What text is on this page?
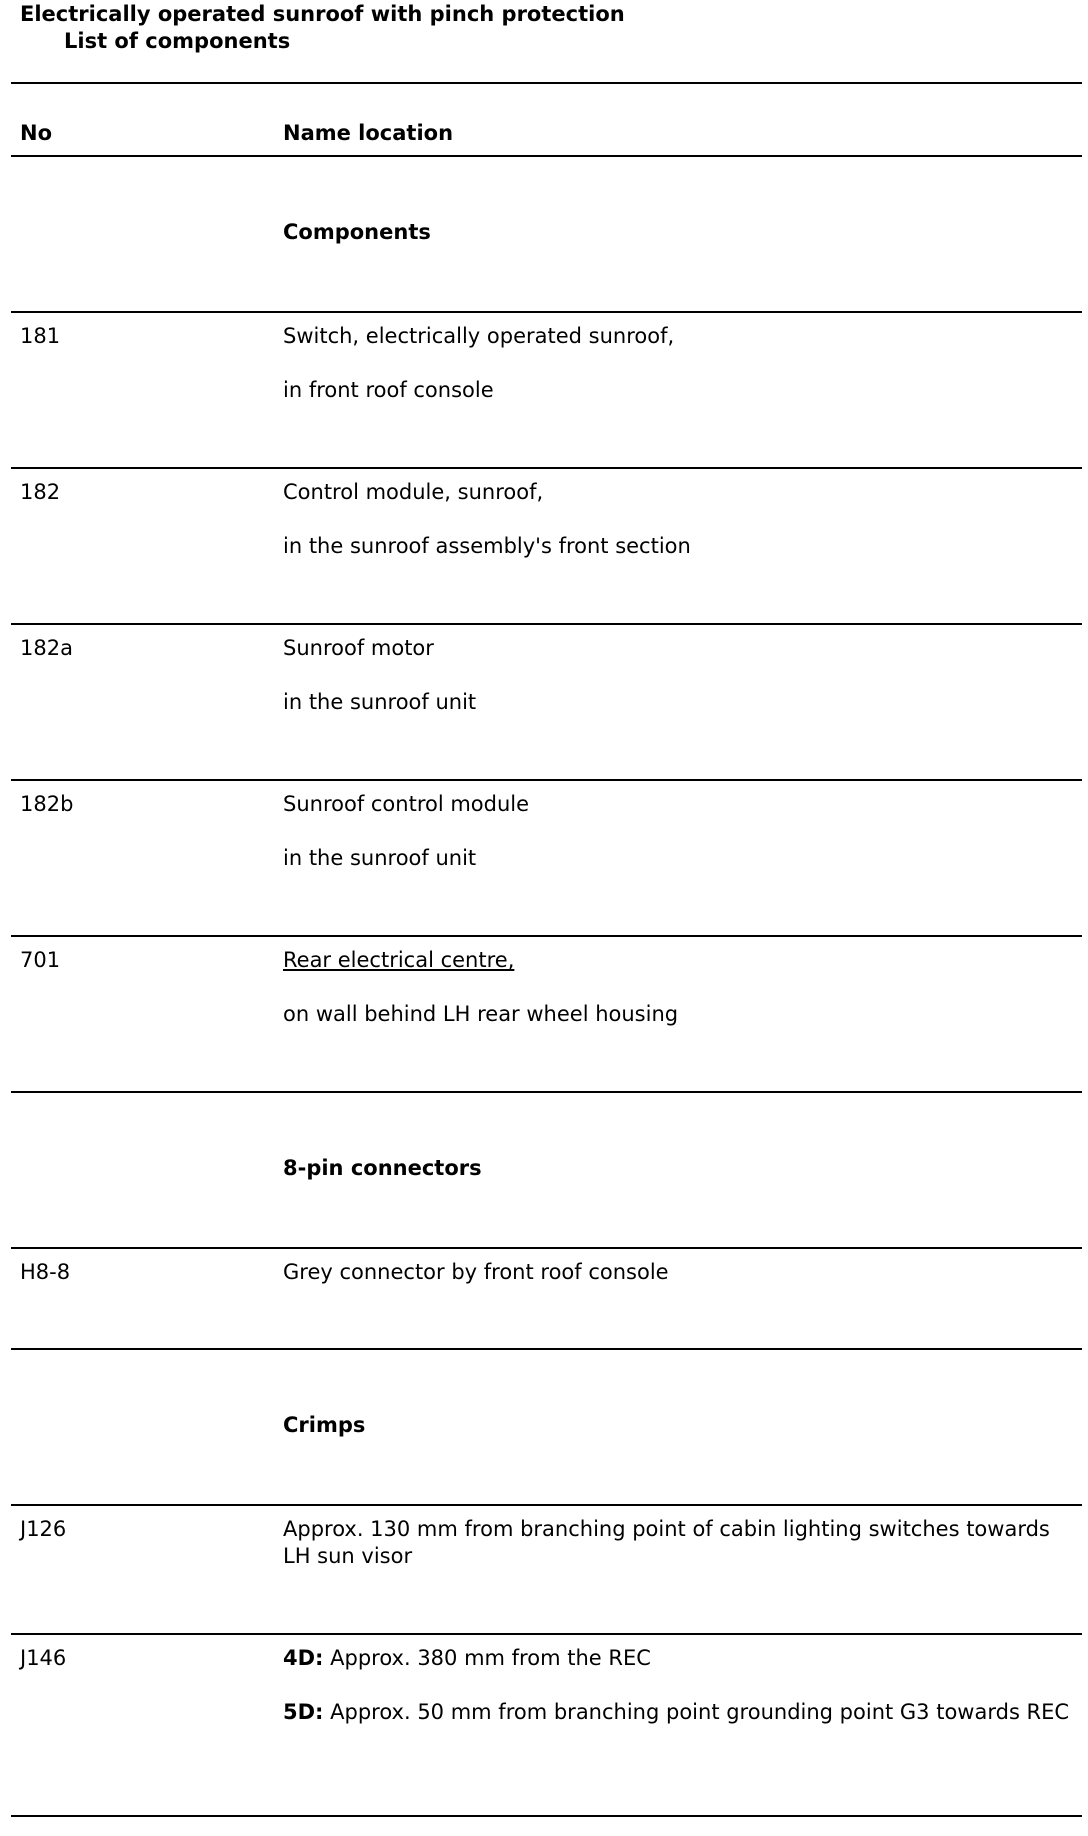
Electrically operated sunroof with pinch protection
List of components
No	Name location
Components
181	Switch, electrically operated sunroof,

in front roof console

182	Control module, sunroof,

in the sunroof assembly's front section

182a	Sunroof motor

in the sunroof unit

182b	Sunroof control module

in the sunroof unit

701	Rear electrical centre,

on wall behind LH rear wheel housing

8-pin connectors
H8-8	Grey connector by front roof console

Crimps
J126	Approx. 130 mm from branching point of cabin lighting switches towards LH sun visor

J146	4D: Approx. 380 mm from the REC

5D: Approx. 50 mm from branching point grounding point G3 towards REC
